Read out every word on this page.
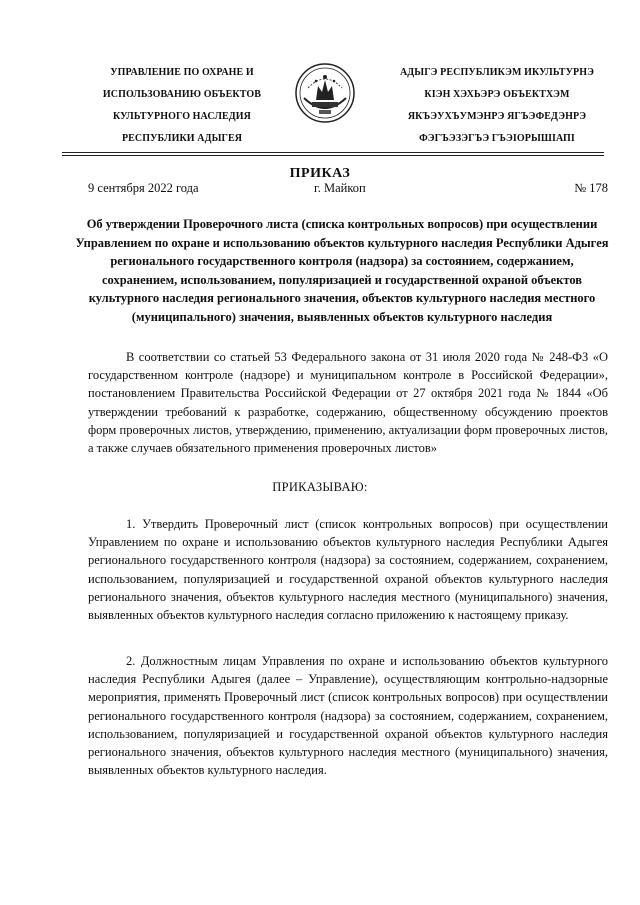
УПРАВЛЕНИЕ ПО ОХРАНЕ И
ИСПОЛЬЗОВАНИЮ ОБЪЕКТОВ
КУЛЬТУРНОГО НАСЛЕДИЯ
РЕСПУБЛИКИ АДЫГЕЯ
АДЫГЭ РЕСПУБЛИКЭМ ИКУЛЬТУРНЭ
КIЭН ХЭХЬЭРЭ ОБЪЕКТХЭМ
ЯКЪЭУХЪУМЭНРЭ ЯГЪЭФЕДЭНРЭ
ФЭГЪЭЗЭГЪЭ ГЪЭIОРЫШIАПI
ПРИКАЗ
9 сентября 2022 года	г. Майкоп	№ 178
Об утверждении Проверочного листа (списка контрольных вопросов) при осуществлении Управлением по охране и использованию объектов культурного наследия Республики Адыгея регионального государственного контроля (надзора) за состоянием, содержанием, сохранением, использованием, популяризацией и государственной охраной объектов культурного наследия регионального значения, объектов культурного наследия местного (муниципального) значения, выявленных объектов культурного наследия
В соответствии со статьей 53 Федерального закона от 31 июля 2020 года № 248-ФЗ «О государственном контроле (надзоре) и муниципальном контроле в Российской Федерации», постановлением Правительства Российской Федерации от 27 октября 2021 года № 1844 «Об утверждении требований к разработке, содержанию, общественному обсуждению проектов форм проверочных листов, утверждению, применению, актуализации форм проверочных листов, а также случаев обязательного применения проверочных листов»
ПРИКАЗЫВАЮ:
1. Утвердить Проверочный лист (список контрольных вопросов) при осуществлении Управлением по охране и использованию объектов культурного наследия Республики Адыгея регионального государственного контроля (надзора) за состоянием, содержанием, сохранением, использованием, популяризацией и государственной охраной объектов культурного наследия регионального значения, объектов культурного наследия местного (муниципального) значения, выявленных объектов культурного наследия согласно приложению к настоящему приказу.
2. Должностным лицам Управления по охране и использованию объектов культурного наследия Республики Адыгея (далее – Управление), осуществляющим контрольно-надзорные мероприятия, применять Проверочный лист (список контрольных вопросов) при осуществлении регионального государственного контроля (надзора) за состоянием, содержанием, сохранением, использованием, популяризацией и государственной охраной объектов культурного наследия регионального значения, объектов культурного наследия местного (муниципального) значения, выявленных объектов культурного наследия.
